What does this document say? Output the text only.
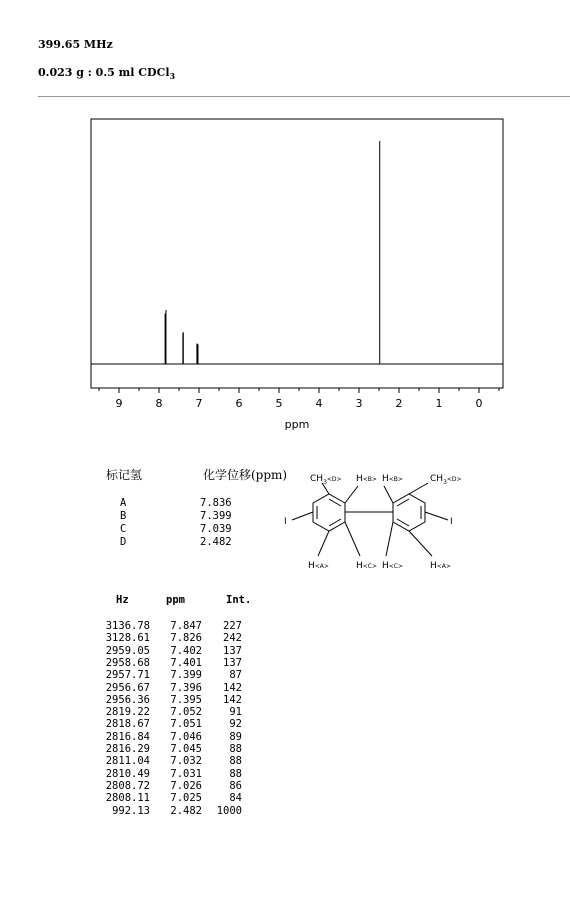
399.65 MHz
0.023 g : 0.5 ml CDCl$_3$
9	8	7	6	5	4	3	2	1	0
ppm
标记氢	化学位移(ppm)
A	7.836
B	7.399
C	7.039
D	2.482
$CH_3^{<D>}$ H<B> H<B>	$CH_3^{<D>}$
I	I
H<A>	H<C> H<C>	H<A>
Hz	ppm	Int.
3136.78 7.847 227
3128.61 7.826 242
2959.05 7.402 137
2958.68 7.401 137
2957.71 7.399	87
2956.67 7.396 142
2956.36 7.395 142
2819.22 7.052	91
2818.67 7.051	92
2816.84 7.046	89
2816.29 7.045	88
2811.04 7.032	88
2810.49 7.031	88
2808.72 7.026	86
2808.11 7.025	84
992.13 2.482 1000
